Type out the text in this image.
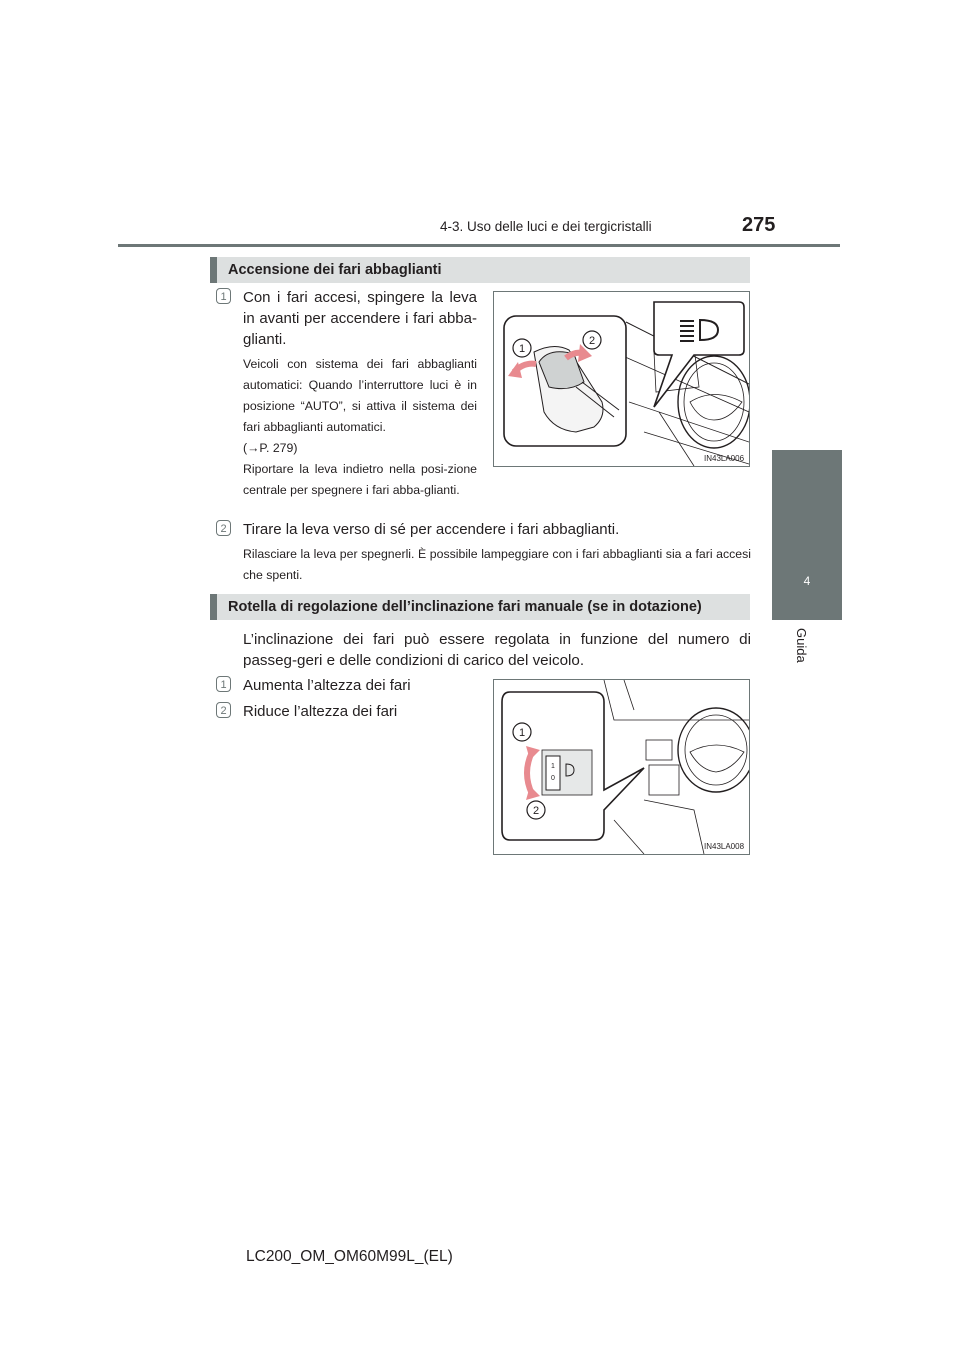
4-3. Uso delle luci e dei tergicristalli	275
4
Guida
Accensione dei fari abbaglianti
1 Con i fari accesi, spingere la leva in avanti per accendere i fari abba-glianti.
Veicoli con sistema dei fari abbaglianti automatici: Quando l’interruttore luci è in posizione “AUTO”, si attiva il sistema dei fari abbaglianti automatici.
(→P. 279)
Riportare la leva indietro nella posi-zione centrale per spegnere i fari abba-glianti.
1
2
IN43LA006
2 Tirare la leva verso di sé per accendere i fari abbaglianti.
Rilasciare la leva per spegnerli. È possibile lampeggiare con i fari abbaglianti sia a fari accesi che spenti.
Rotella di regolazione dell’inclinazione fari manuale (se in dotazione)
L’inclinazione dei fari può essere regolata in funzione del numero di passeg-geri e delle condizioni di carico del veicolo.
1 Aumenta l’altezza dei fari
2 Riduce l’altezza dei fari
1
0
1
2
IN43LA008
LC200_OM_OM60M99L_(EL)
